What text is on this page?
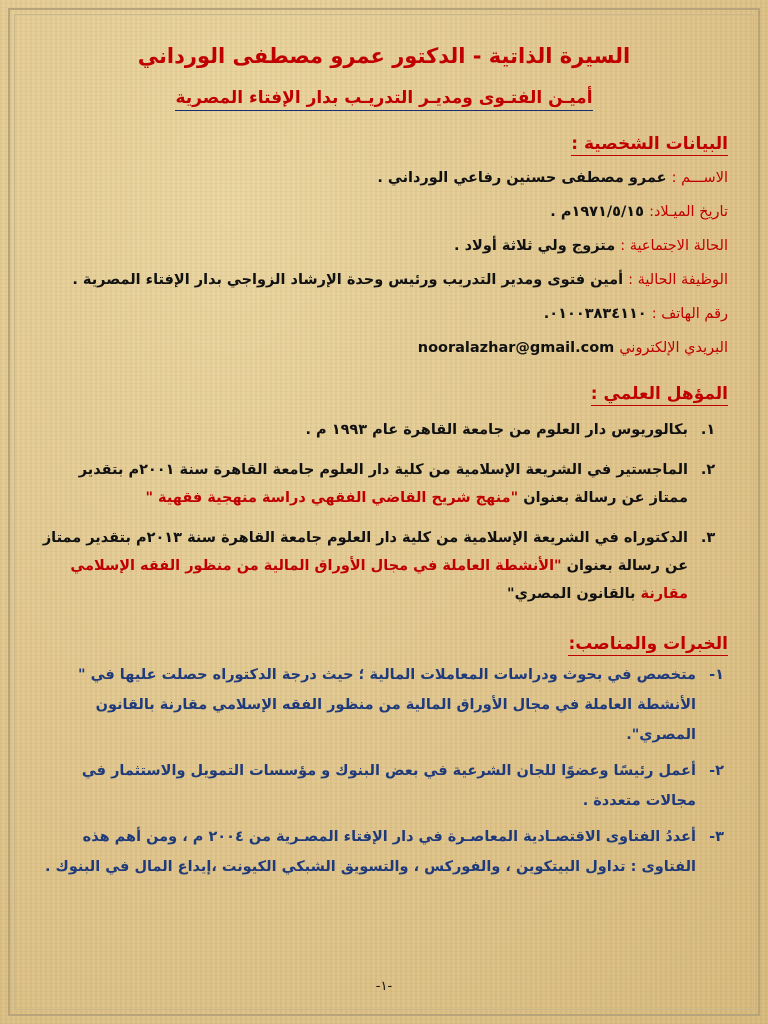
السيرة الذاتية - الدكتور عمرو مصطفى الورداني
أميـن الفتـوى ومديـر التدريـب بدار الإفتاء المصرية
البيانات الشخصية :
الاســـم : عمرو مصطفى حسنين رفاعي الورداني .
تاريخ الميـلاد: ١٩٧١/٥/١٥م .
الحالة الاجتماعية : متزوج ولي ثلاثة أولاد .
الوظيفة الحالية : أمين فتوى ومدير التدريب ورئيس وحدة الإرشاد الزواجي بدار الإفتاء المصرية .
رقم الهاتف : ٠١٠٠٣٨٣٤١١٠.
البريدي الإلكتروني nooralazhar@gmail.com
المؤهل العلمي :
١.
بكالوريوس دار العلوم من جامعة القاهرة عام ١٩٩٣ م .
٢.
الماجستير في الشريعة الإسلامية من كلية دار العلوم جامعة القاهرة سنة ٢٠٠١م بتقدير ممتاز عن رسالة بعنوان "منهج شريح القاضي الفقهي دراسة منهجية فقهية "
٣.
الدكتوراه في الشريعة الإسلامية من كلية دار العلوم جامعة القاهرة سنة ٢٠١٣م بتقدير ممتاز عن رسالة بعنوان "الأنشطة العاملة في مجال الأوراق المالية من منظور الفقه الإسلامي مقارنة بالقانون المصري"
الخبرات والمناصب:
١-
متخصص في بحوث ودراسات المعاملات المالية ؛ حيث درجة الدكتوراه حصلت عليها في " الأنشطة العاملة في مجال الأوراق المالية من منظور الفقه الإسلامي مقارنة بالقانون المصري".
٢-
أعمل رئيسًا وعضوًا للجان الشرعية في بعض البنوك و مؤسسات التمويل والاستثمار في مجالات متعددة .
٣-
أعددُ الفتاوى الاقتصـادية المعاصـرة في دار الإفتاء المصـرية من ٢٠٠٤ م ، ومن أهم هذه الفتاوى : تداول البيتكوين ، والفوركس ، والتسويق الشبكي الكيونت ،إيداع المال في البنوك .
-١-
